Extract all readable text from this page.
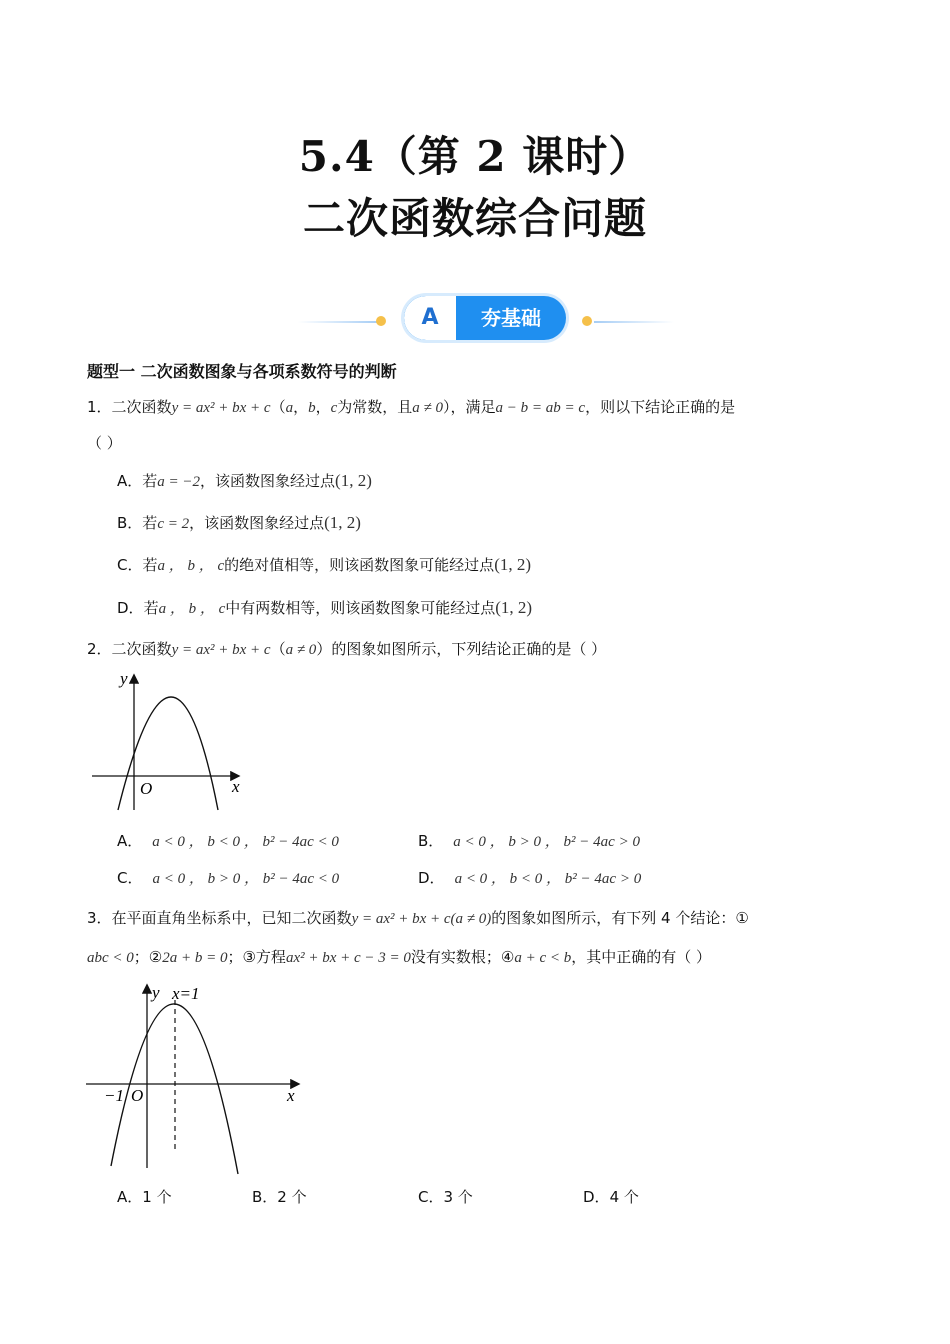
5.4（第 2 课时）
二次函数综合问题
A	夯基础
题型一 二次函数图象与各项系数符号的判断
1．二次函数y = ax² + bx + c（a，b，c为常数，且a ≠ 0），满足a − b = ab = c，则以下结论正确的是
（ ）
A．若a = −2，该函数图象经过点(1, 2)
B．若c = 2，该函数图象经过点(1, 2)
C．若a ， b ， c的绝对值相等，则该函数图象可能经过点(1, 2)
D．若a ， b ， c中有两数相等，则该函数图象可能经过点(1, 2)
2．二次函数y = ax² + bx + c（a ≠ 0）的图象如图所示，下列结论正确的是（ ）
y
x
O
A． a < 0 ， b < 0 ， b² − 4ac < 0	B． a < 0 ， b > 0 ， b² − 4ac > 0
C． a < 0 ， b > 0 ， b² − 4ac < 0	D． a < 0 ， b < 0 ， b² − 4ac > 0
3．在平面直角坐标系中，已知二次函数y = ax² + bx + c(a ≠ 0)的图象如图所示，有下列 4 个结论：①
abc < 0；②2a + b = 0；③方程ax² + bx + c − 3 = 0没有实数根；④a + c < b，其中正确的有（ ）
y x=1
x
−1 O
A．1 个	B．2 个	C．3 个	D．4 个
